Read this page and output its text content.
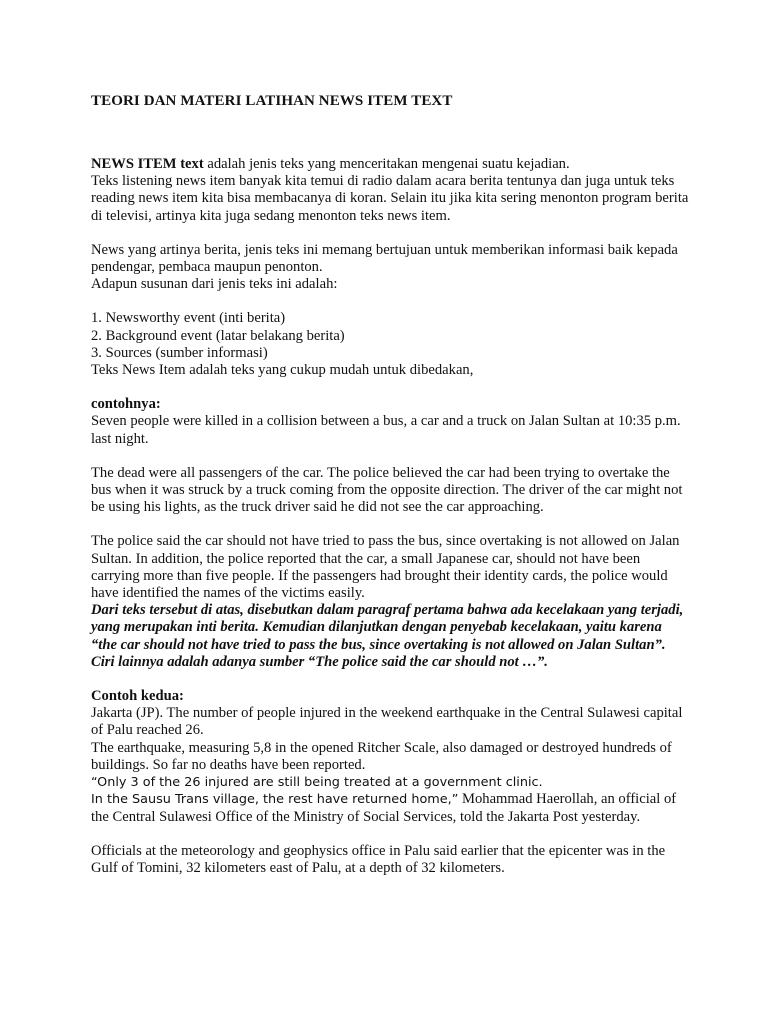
TEORI DAN MATERI LATIHAN NEWS ITEM TEXT

NEWS ITEM text adalah jenis teks yang menceritakan mengenai suatu kejadian.

Teks listening news item banyak kita temui di radio dalam acara berita tentunya dan juga untuk teks reading news item kita bisa membacanya di koran. Selain itu jika kita sering menonton program berita di televisi, artinya kita juga sedang menonton teks news item.

News yang artinya berita, jenis teks ini memang bertujuan untuk memberikan informasi baik kepada pendengar, pembaca maupun penonton.

Adapun susunan dari jenis teks ini adalah:

1. Newsworthy event (inti berita)
2. Background event (latar belakang berita)
3. Sources (sumber informasi)

Teks News Item adalah teks yang cukup mudah untuk dibedakan,

contohnya:

Seven people were killed in a collision between a bus, a car and a truck on Jalan Sultan at 10:35 p.m. last night.

The dead were all passengers of the car. The police believed the car had been trying to overtake the bus when it was struck by a truck coming from the opposite direction. The driver of the car might not be using his lights, as the truck driver said he did not see the car approaching.

The police said the car should not have tried to pass the bus, since overtaking is not allowed on Jalan Sultan. In addition, the police reported that the car, a small Japanese car, should not have been carrying more than five people. If the passengers had brought their identity cards, the police would have identified the names of the victims easily.

Dari teks tersebut di atas, disebutkan dalam paragraf pertama bahwa ada kecelakaan yang terjadi, yang merupakan inti berita. Kemudian dilanjutkan dengan penyebab kecelakaan, yaitu karena “the car should not have tried to pass the bus, since overtaking is not allowed on Jalan Sultan”. Ciri lainnya adalah adanya sumber “The police said the car should not …”.

Contoh kedua:

Jakarta (JP). The number of people injured in the weekend earthquake in the Central Sulawesi capital of Palu reached 26.

The earthquake, measuring 5,8 in the opened Ritcher Scale, also damaged or destroyed hundreds of buildings. So far no deaths have been reported.

“Only 3 of the 26 injured are still being treated at a government clinic.

In the Sausu Trans village, the rest have returned home,” Mohammad Haerollah, an official of the Central Sulawesi Office of the Ministry of Social Services, told the Jakarta Post yesterday.

Officials at the meteorology and geophysics office in Palu said earlier that the epicenter was in the Gulf of Tomini, 32 kilometers east of Palu, at a depth of 32 kilometers.
